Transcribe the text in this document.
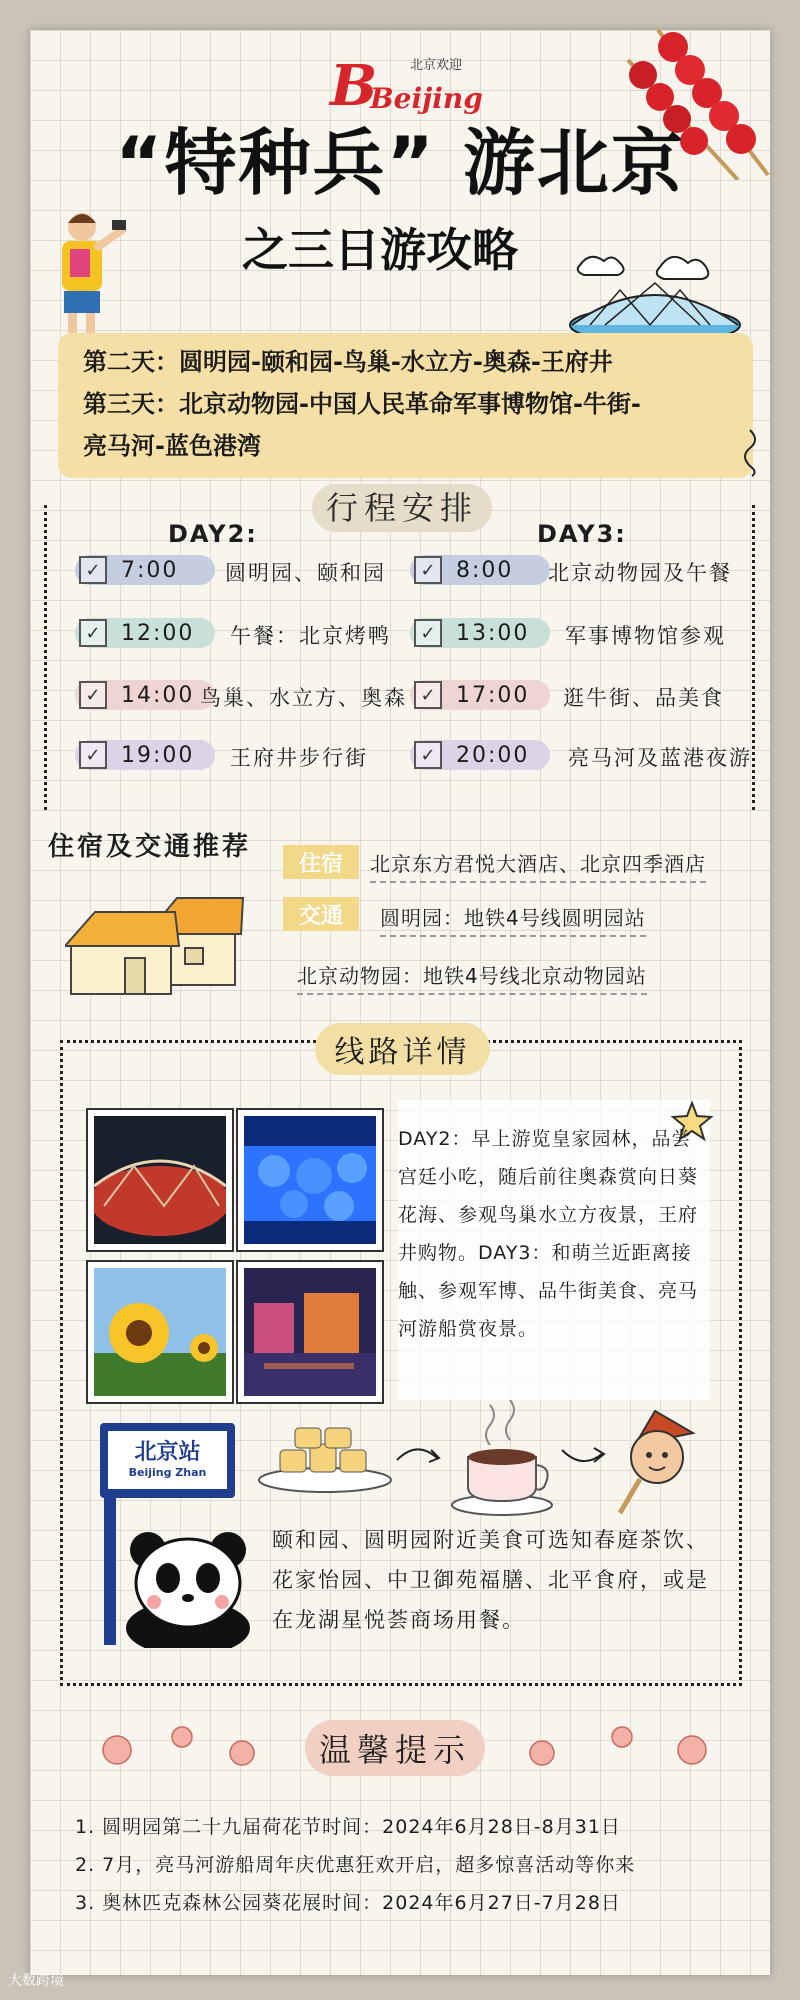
B
Beijing
北京欢迎
“特种兵” 游北京
之三日游攻略
第二天：圆明园-颐和园-鸟巢-水立方-奥森-王府井
第三天：北京动物园-中国人民革命军事博物馆-牛街-
亮马河-蓝色港湾
行程安排
DAY2:	DAY3:
✓ 7:00 圆明园、颐和园
✓ 12:00 午餐：北京烤鸭
✓ 14:00 鸟巢、水立方、奥森
✓ 19:00 王府井步行街
✓ 8:00 北京动物园及午餐
✓ 13:00 军事博物馆参观
✓ 17:00 逛牛街、品美食
✓ 20:00 亮马河及蓝港夜游
住宿及交通推荐
住宿	北京东方君悦大酒店、北京四季酒店
交通	圆明园：地铁4号线圆明园站
北京动物园：地铁4号线北京动物园站
线路详情
DAY2：早上游览皇家园林，品尝宫廷小吃，随后前往奥森赏向日葵花海、参观鸟巢水立方夜景，王府井购物。DAY3：和萌兰近距离接触、参观军博、品牛街美食、亮马河游船赏夜景。
北京站
Beijing Zhan
颐和园、圆明园附近美食可选知春庭茶饮、花家怡园、中卫御苑福膳、北平食府，或是在龙湖星悦荟商场用餐。
温馨提示
1. 圆明园第二十九届荷花节时间：2024年6月28日-8月31日
2. 7月，亮马河游船周年庆优惠狂欢开启，超多惊喜活动等你来
3. 奥林匹克森林公园葵花展时间：2024年6月27日-7月28日
大数跨境
